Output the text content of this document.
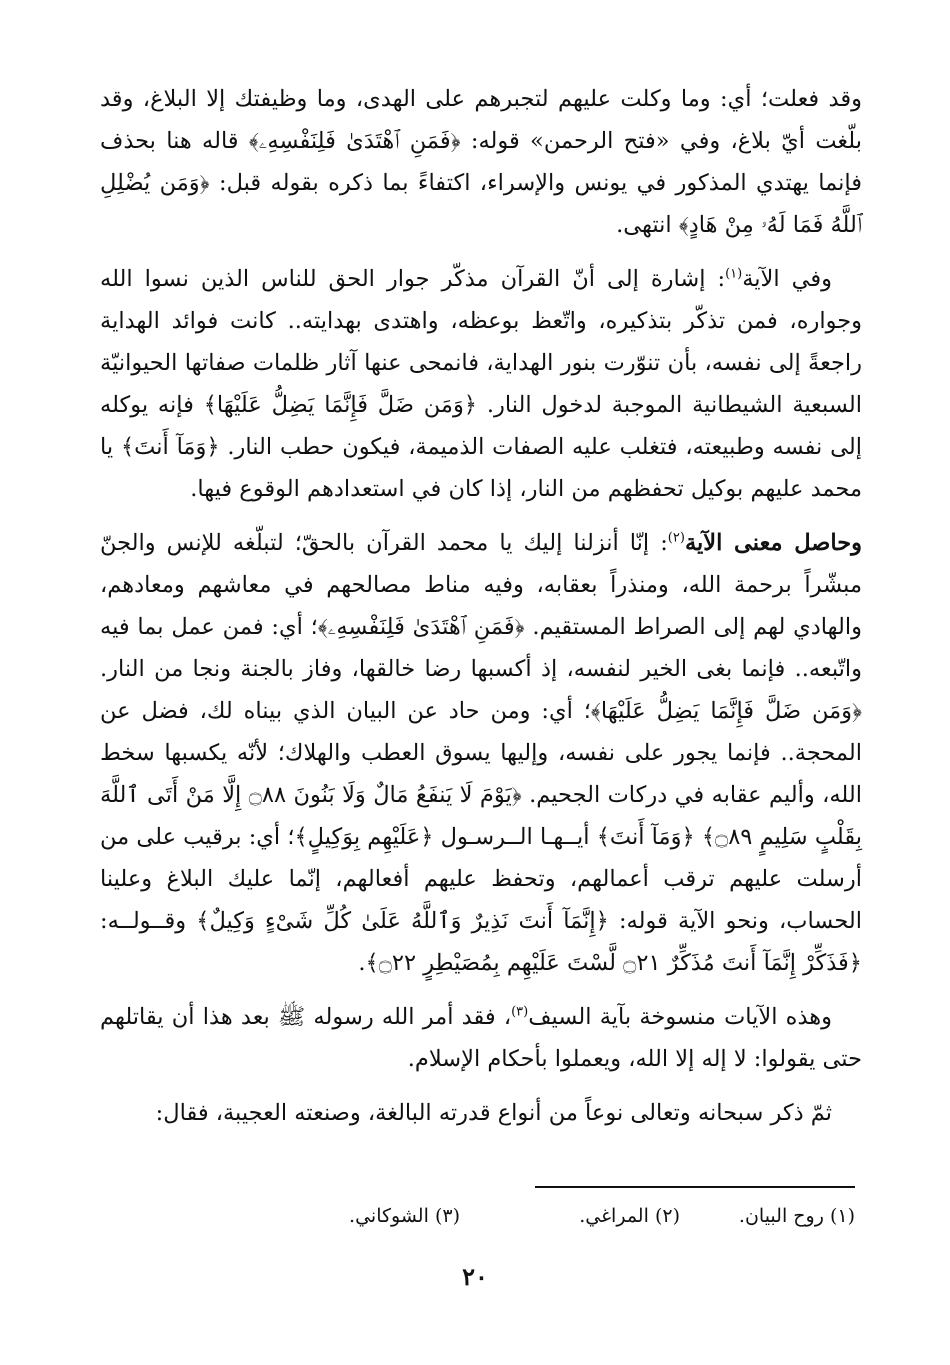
وقد فعلت؛ أي: وما وكلت عليهم لتجبرهم على الهدى، وما وظيفتك إلا البلاغ، وقد بلّغت أيّ بلاغ، وفي «فتح الرحمن» قوله: ﴿فَمَنِ ٱهْتَدَىٰ فَلِنَفْسِهِۦ﴾ قاله هنا بحذف فإنما يهتدي المذكور في يونس والإسراء، اكتفاءً بما ذكره بقوله قبل: ﴿وَمَن يُضْلِلِ ٱللَّهُ فَمَا لَهُۥ مِنْ هَادٍ﴾ انتهى.

وفي الآية$^{(١)}$: إشارة إلى أنّ القرآن مذكّر جوار الحق للناس الذين نسوا الله وجواره، فمن تذكّر بتذكيره، واتّعظ بوعظه، واهتدى بهدايته.. كانت فوائد الهداية راجعةً إلى نفسه، بأن تنوّرت بنور الهداية، فانمحى عنها آثار ظلمات صفاتها الحيوانيّة السبعية الشيطانية الموجبة لدخول النار. ﴿وَمَن ضَلَّ فَإِنَّمَا يَضِلُّ عَلَيْهَا﴾ فإنه يوكله إلى نفسه وطبيعته، فتغلب عليه الصفات الذميمة، فيكون حطب النار. ﴿وَمَآ أَنتَ﴾ يا محمد عليهم بوكيل تحفظهم من النار، إذا كان في استعدادهم الوقوع فيها.

وحاصل معنى الآية$^{(٢)}$: إنّا أنزلنا إليك يا محمد القرآن بالحقّ؛ لتبلّغه للإنس والجنّ مبشّراً برحمة الله، ومنذراً بعقابه، وفيه مناط مصالحهم في معاشهم ومعادهم، والهادي لهم إلى الصراط المستقيم. ﴿فَمَنِ ٱهْتَدَىٰ فَلِنَفْسِهِۦ﴾؛ أي: فمن عمل بما فيه واتّبعه.. فإنما بغى الخير لنفسه، إذ أكسبها رضا خالقها، وفاز بالجنة ونجا من النار. ﴿وَمَن ضَلَّ فَإِنَّمَا يَضِلُّ عَلَيْهَا﴾؛ أي: ومن حاد عن البيان الذي بيناه لك، فضل عن المحجة.. فإنما يجور على نفسه، وإليها يسوق العطب والهلاك؛ لأنّه يكسبها سخط الله، وأليم عقابه في دركات الجحيم. ﴿يَوْمَ لَا يَنفَعُ مَالٌ وَلَا بَنُونَ ۝٨٨ إِلَّا مَنْ أَتَى ٱللَّهَ بِقَلْبٍ سَلِيمٍ ۝٨٩﴾ ﴿وَمَآ أَنتَ﴾ أيــهـا الــرسـول ﴿عَلَيْهِم بِوَكِيلٍ﴾؛ أي: برقيب على من أرسلت عليهم ترقب أعمالهم، وتحفظ عليهم أفعالهم، إنّما عليك البلاغ وعلينا الحساب، ونحو الآية قوله: ﴿إِنَّمَآ أَنتَ نَذِيرٌ وَٱللَّهُ عَلَىٰ كُلِّ شَىْءٍ وَكِيلٌ﴾ وقــولــه: ﴿فَذَكِّرْ إِنَّمَآ أَنتَ مُذَكِّرٌ ۝٢١ لَّسْتَ عَلَيْهِم بِمُصَيْطِرٍ ۝٢٢﴾.

وهذه الآيات منسوخة بآية السيف$^{(٣)}$، فقد أمر الله رسوله ﷺ بعد هذا أن يقاتلهم حتى يقولوا: لا إله إلا الله، ويعملوا بأحكام الإسلام.

ثمّ ذكر سبحانه وتعالى نوعاً من أنواع قدرته البالغة، وصنعته العجيبة، فقال:

(١) روح البيان.
(٢) المراغي.
(٣) الشوكاني.
٢٠
